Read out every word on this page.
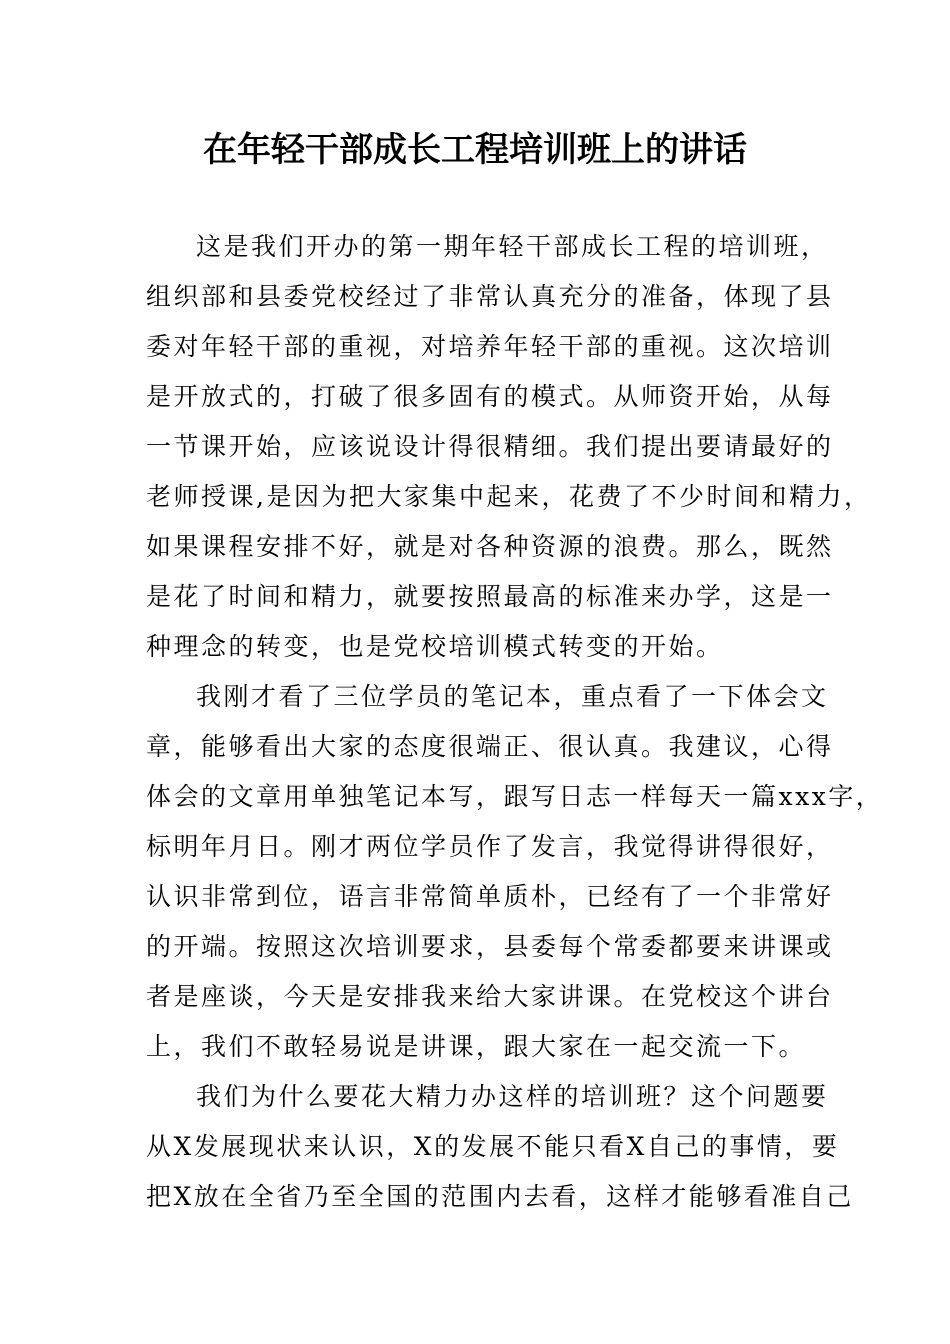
在年轻干部成长工程培训班上的讲话
这是我们开办的第一期年轻干部成长工程的培训班，
组织部和县委党校经过了非常认真充分的准备，体现了县
委对年轻干部的重视，对培养年轻干部的重视。这次培训
是开放式的，打破了很多固有的模式。从师资开始，从每
一节课开始，应该说设计得很精细。我们提出要请最好的
老师授课,是因为把大家集中起来，花费了不少时间和精力，
如果课程安排不好，就是对各种资源的浪费。那么，既然
是花了时间和精力，就要按照最高的标准来办学，这是一
种理念的转变，也是党校培训模式转变的开始。
我刚才看了三位学员的笔记本，重点看了一下体会文
章，能够看出大家的态度很端正、很认真。我建议，心得
体会的文章用单独笔记本写，跟写日志一样每天一篇xxx字，
标明年月日。刚才两位学员作了发言，我觉得讲得很好，
认识非常到位，语言非常简单质朴，已经有了一个非常好
的开端。按照这次培训要求，县委每个常委都要来讲课或
者是座谈，今天是安排我来给大家讲课。在党校这个讲台
上，我们不敢轻易说是讲课，跟大家在一起交流一下。
我们为什么要花大精力办这样的培训班？这个问题要
从X发展现状来认识，X的发展不能只看X自己的事情，要
把X放在全省乃至全国的范围内去看，这样才能够看准自己
